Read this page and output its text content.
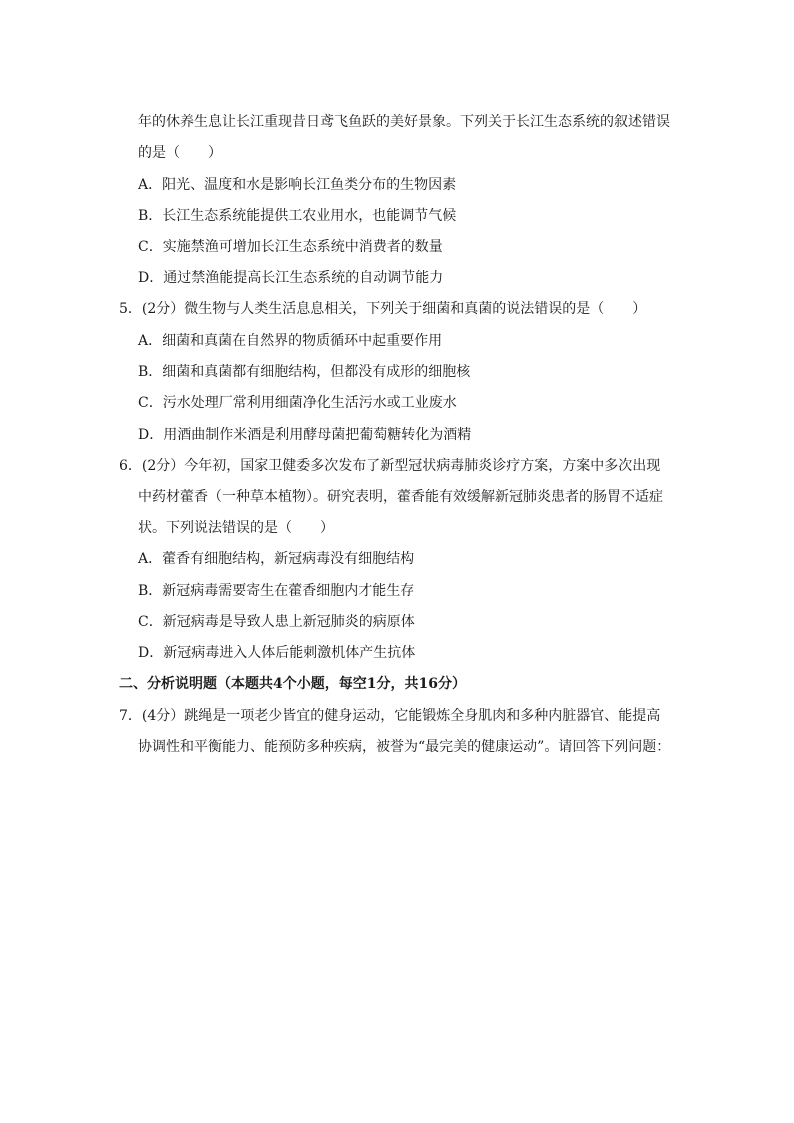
年的休养生息让长江重现昔日鸢飞鱼跃的美好景象。下列关于长江生态系统的叙述错误
的是（　　）
A．阳光、温度和水是影响长江鱼类分布的生物因素
B．长江生态系统能提供工农业用水，也能调节气候
C．实施禁渔可增加长江生态系统中消费者的数量
D．通过禁渔能提高长江生态系统的自动调节能力
5．(2分）微生物与人类生活息息相关，下列关于细菌和真菌的说法错误的是（　　）
A．细菌和真菌在自然界的物质循环中起重要作用
B．细菌和真菌都有细胞结构，但都没有成形的细胞核
C．污水处理厂常利用细菌净化生活污水或工业废水
D．用酒曲制作米酒是利用酵母菌把葡萄糖转化为酒精
6．(2分）今年初，国家卫健委多次发布了新型冠状病毒肺炎诊疗方案，方案中多次出现
中药材藿香（一种草本植物）。研究表明，藿香能有效缓解新冠肺炎患者的肠胃不适症
状。下列说法错误的是（　　）
A．藿香有细胞结构，新冠病毒没有细胞结构
B．新冠病毒需要寄生在藿香细胞内才能生存
C．新冠病毒是导致人患上新冠肺炎的病原体
D．新冠病毒进入人体后能刺激机体产生抗体
二、分析说明题（本题共4个小题，每空1分，共16分）
7．(4分）跳绳是一项老少皆宜的健身运动，它能锻炼全身肌肉和多种内脏器官、能提高
协调性和平衡能力、能预防多种疾病，被誉为“最完美的健康运动”。请回答下列问题：
